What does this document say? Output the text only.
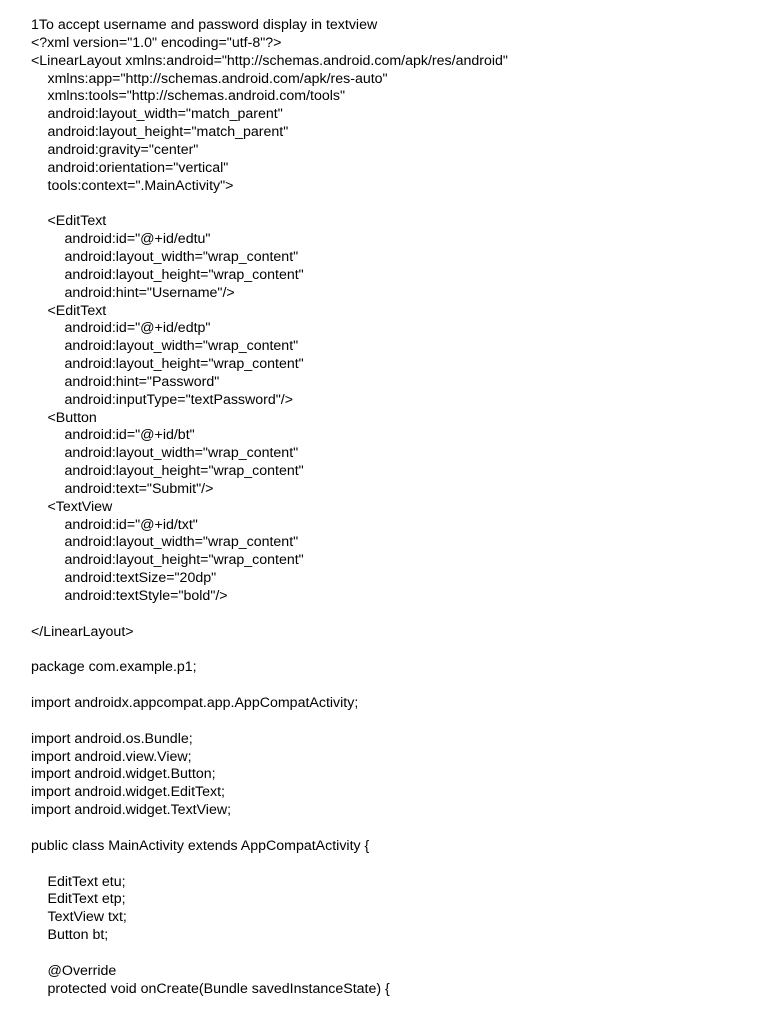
1To accept username and password display in textview
<?xml version="1.0" encoding="utf-8"?>
<LinearLayout xmlns:android="http://schemas.android.com/apk/res/android"
xmlns:app="http://schemas.android.com/apk/res-auto"
xmlns:tools="http://schemas.android.com/tools"
android:layout_width="match_parent"
android:layout_height="match_parent"
android:gravity="center"
android:orientation="vertical"
tools:context=".MainActivity">
<EditText
android:id="@+id/edtu"
android:layout_width="wrap_content"
android:layout_height="wrap_content"
android:hint="Username"/>
<EditText
android:id="@+id/edtp"
android:layout_width="wrap_content"
android:layout_height="wrap_content"
android:hint="Password"
android:inputType="textPassword"/>
<Button
android:id="@+id/bt"
android:layout_width="wrap_content"
android:layout_height="wrap_content"
android:text="Submit"/>
<TextView
android:id="@+id/txt"
android:layout_width="wrap_content"
android:layout_height="wrap_content"
android:textSize="20dp"
android:textStyle="bold"/>
</LinearLayout>
package com.example.p1;
import androidx.appcompat.app.AppCompatActivity;
import android.os.Bundle;
import android.view.View;
import android.widget.Button;
import android.widget.EditText;
import android.widget.TextView;
public class MainActivity extends AppCompatActivity {
EditText etu;
EditText etp;
TextView txt;
Button bt;
@Override
protected void onCreate(Bundle savedInstanceState) {
